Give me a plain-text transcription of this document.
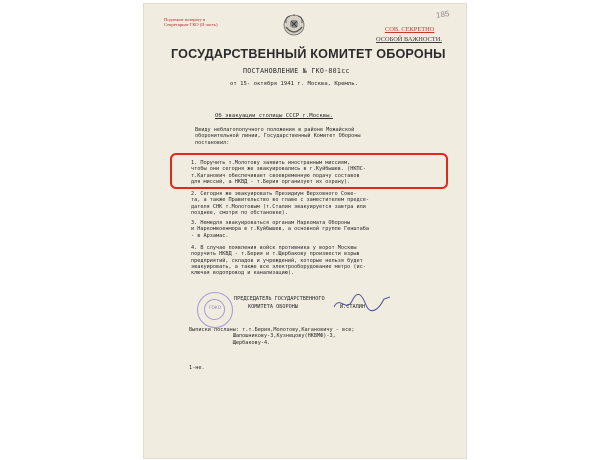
Подлежит возврату в Секретариат ГКО (II часть)
185
СОВ. СЕКРЕТНО
ОСОБОЙ ВАЖНОСТИ.
ГОСУДАРСТВЕННЫЙ КОМИТЕТ ОБОРОНЫ
ПОСТАНОВЛЕНИЕ № ГКО-801сс
от 15- октября 1941 г. Москва, Кремль.
Об эвакуации столицы СССР г.Москвы.
Ввиду неблагополучного положения в районе Можайской
оборонительной линии, Государственный Комитет Обороны
постановил:
1. Поручить т.Молотову заявить иностранным миссиям,
чтобы они сегодня же эвакуировались в г.Куйбышев. (НКПС-
т.Каганович обеспечивает своевременную подачу составов
для миссий, а НКВД - т.Берия организует их охрану).
2. Сегодня же эвакуировать Президиум Верховного Сове-
та, а также Правительство во главе с заместителем предсе-
дателя СНК т.Молотовым (т.Сталин эвакуируется завтра или
позднее, смотря по обстановке).
3. Немедля эвакуироваться органам Наркомата Обороны
и Наркомвоенмора в г.Куйбышев, а основной группе Генштаба
- в Арзамас.
4. В случае появления войск противника у ворот Москвы
поручить НКВД - т.Берия и т.Щербакову произвести взрыв
предприятий, складов и учреждений, которые нельзя будет
эвакуировать, а также все электрооборудование метро (ис-
ключая водопровод и канализацию).
ГОКО
ПРЕДСЕДАТЕЛЬ ГОСУДАРСТВЕННОГО
КОМИТЕТА ОБОРОНЫ	И.СТАЛИН
Выписки посланы: т.т.Берия,Молотову,Кагановичу - все;
Шапошникову-3,Кузнецову(НКВМФ)-3,
Щербакову-4.
1-не.
